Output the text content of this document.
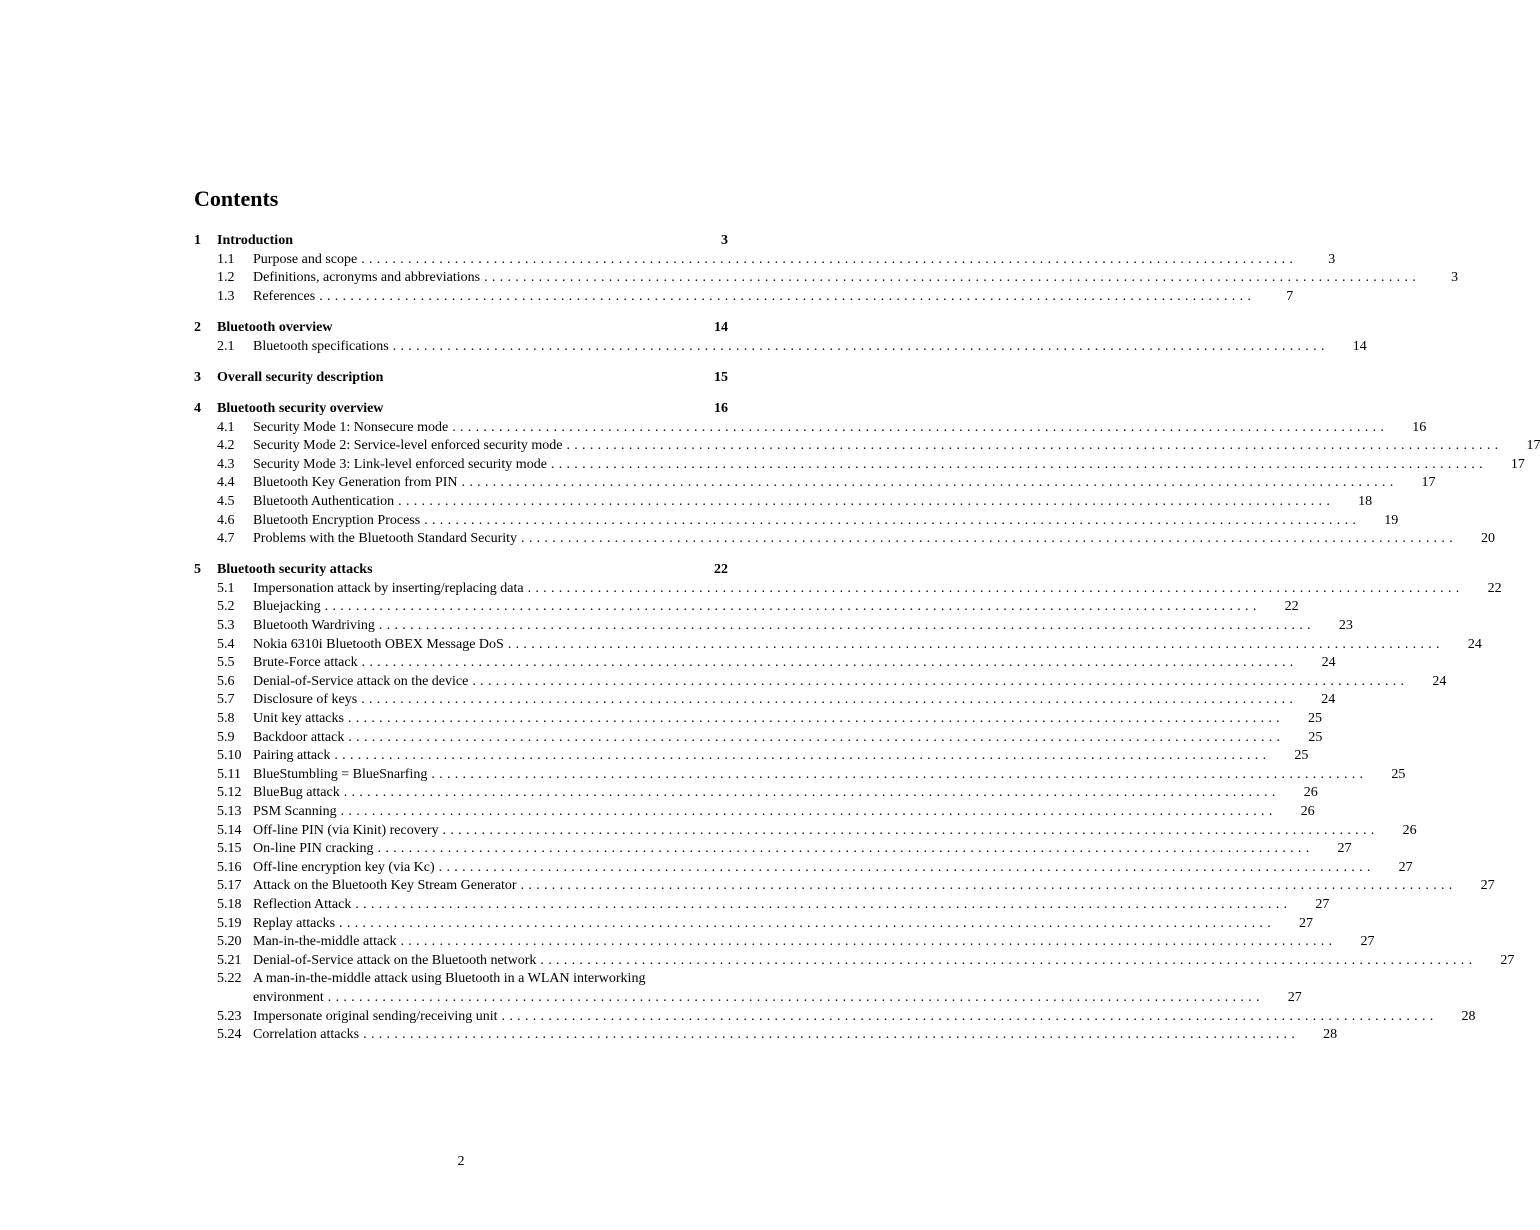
Contents
1	Introduction	3
1.1	Purpose and scope ........................................................................................................................	3
1.2	Definitions, acronyms and abbreviations ........................................................................................................................	3
1.3	References ........................................................................................................................	7
2	Bluetooth overview	14
2.1	Bluetooth specifications ........................................................................................................................	14
3	Overall security description	15
4	Bluetooth security overview	16
4.1	Security Mode 1: Nonsecure mode ........................................................................................................................	16
4.2	Security Mode 2: Service-level enforced security mode ........................................................................................................................	17
4.3	Security Mode 3: Link-level enforced security mode ........................................................................................................................	17
4.4	Bluetooth Key Generation from PIN ........................................................................................................................	17
4.5	Bluetooth Authentication ........................................................................................................................	18
4.6	Bluetooth Encryption Process ........................................................................................................................	19
4.7	Problems with the Bluetooth Standard Security ........................................................................................................................	20
5	Bluetooth security attacks	22
5.1	Impersonation attack by inserting/replacing data ........................................................................................................................	22
5.2	Bluejacking ........................................................................................................................	22
5.3	Bluetooth Wardriving ........................................................................................................................	23
5.4	Nokia 6310i Bluetooth OBEX Message DoS ........................................................................................................................	24
5.5	Brute-Force attack ........................................................................................................................	24
5.6	Denial-of-Service attack on the device ........................................................................................................................	24
5.7	Disclosure of keys ........................................................................................................................	24
5.8	Unit key attacks ........................................................................................................................	25
5.9	Backdoor attack ........................................................................................................................	25
5.10 Pairing attack ........................................................................................................................	25
5.11 BlueStumbling = BlueSnarfing ........................................................................................................................	25
5.12 BlueBug attack ........................................................................................................................	26
5.13 PSM Scanning ........................................................................................................................	26
5.14 Off-line PIN (via Kinit) recovery ........................................................................................................................	26
5.15 On-line PIN cracking ........................................................................................................................	27
5.16 Off-line encryption key (via Kc) ........................................................................................................................	27
5.17 Attack on the Bluetooth Key Stream Generator ........................................................................................................................	27
5.18 Reflection Attack ........................................................................................................................	27
5.19 Replay attacks ........................................................................................................................	27
5.20 Man-in-the-middle attack ........................................................................................................................	27
5.21 Denial-of-Service attack on the Bluetooth network ........................................................................................................................	27
5.22 A man-in-the-middle attack using Bluetooth in a WLAN interworking
environment ........................................................................................................................	27
5.23 Impersonate original sending/receiving unit ........................................................................................................................	28
5.24 Correlation attacks ........................................................................................................................	28
2
